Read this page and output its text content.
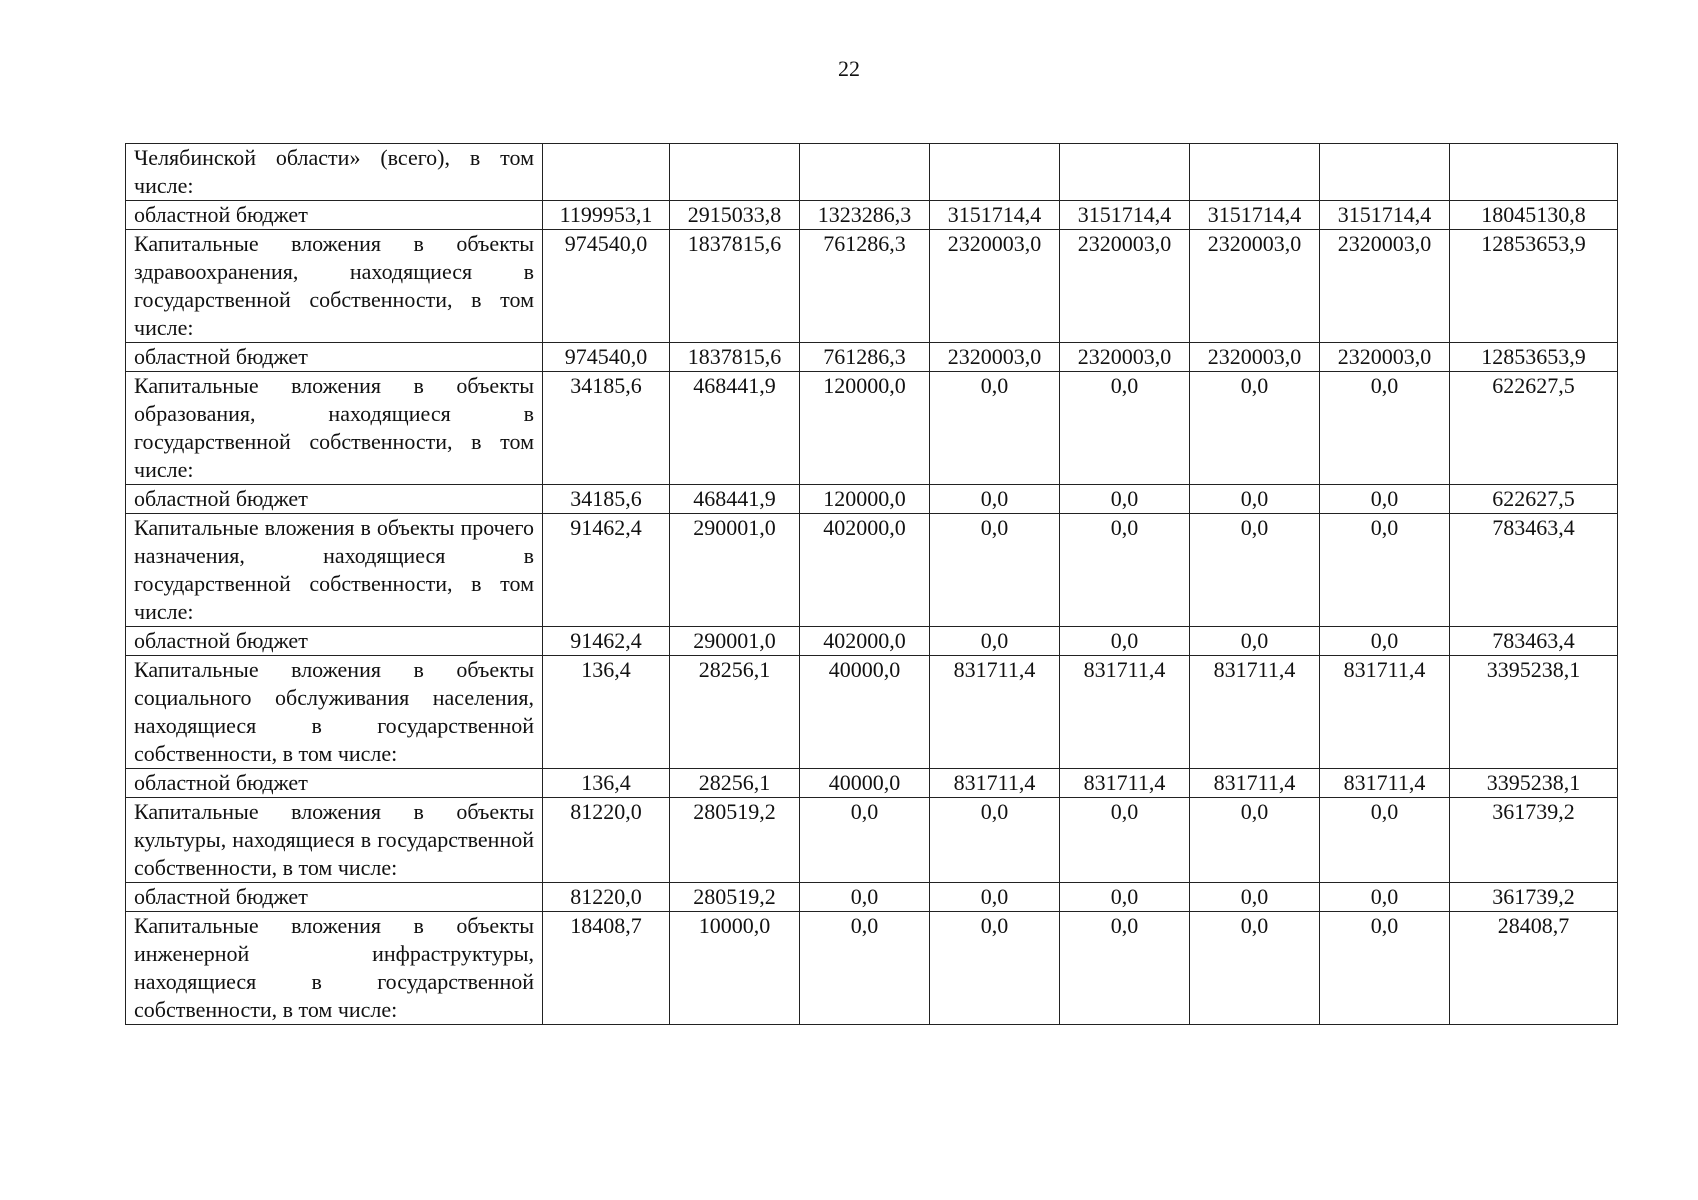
22
Челябинской области» (всего), в том числе:								
областной бюджет	1199953,1	2915033,8	1323286,3	3151714,4	3151714,4	3151714,4	3151714,4	18045130,8
Капитальные вложения в объекты здравоохранения, находящиеся в государственной собственности, в том числе:	974540,0	1837815,6	761286,3	2320003,0	2320003,0	2320003,0	2320003,0	12853653,9
областной бюджет	974540,0	1837815,6	761286,3	2320003,0	2320003,0	2320003,0	2320003,0	12853653,9
Капитальные вложения в объекты образования, находящиеся в государственной собственности, в том числе:	34185,6	468441,9	120000,0	0,0	0,0	0,0	0,0	622627,5
областной бюджет	34185,6	468441,9	120000,0	0,0	0,0	0,0	0,0	622627,5
Капитальные вложения в объекты прочего назначения, находящиеся в государственной собственности, в том числе:	91462,4	290001,0	402000,0	0,0	0,0	0,0	0,0	783463,4
областной бюджет	91462,4	290001,0	402000,0	0,0	0,0	0,0	0,0	783463,4
Капитальные вложения в объекты социального обслуживания населения, находящиеся в государственной собственности, в том числе:	136,4	28256,1	40000,0	831711,4	831711,4	831711,4	831711,4	3395238,1
областной бюджет	136,4	28256,1	40000,0	831711,4	831711,4	831711,4	831711,4	3395238,1
Капитальные вложения в объекты культуры, находящиеся в государственной собственности, в том числе:	81220,0	280519,2	0,0	0,0	0,0	0,0	0,0	361739,2
областной бюджет	81220,0	280519,2	0,0	0,0	0,0	0,0	0,0	361739,2
Капитальные вложения в объекты инженерной инфраструктуры, находящиеся в государственной собственности, в том числе:	18408,7	10000,0	0,0	0,0	0,0	0,0	0,0	28408,7
